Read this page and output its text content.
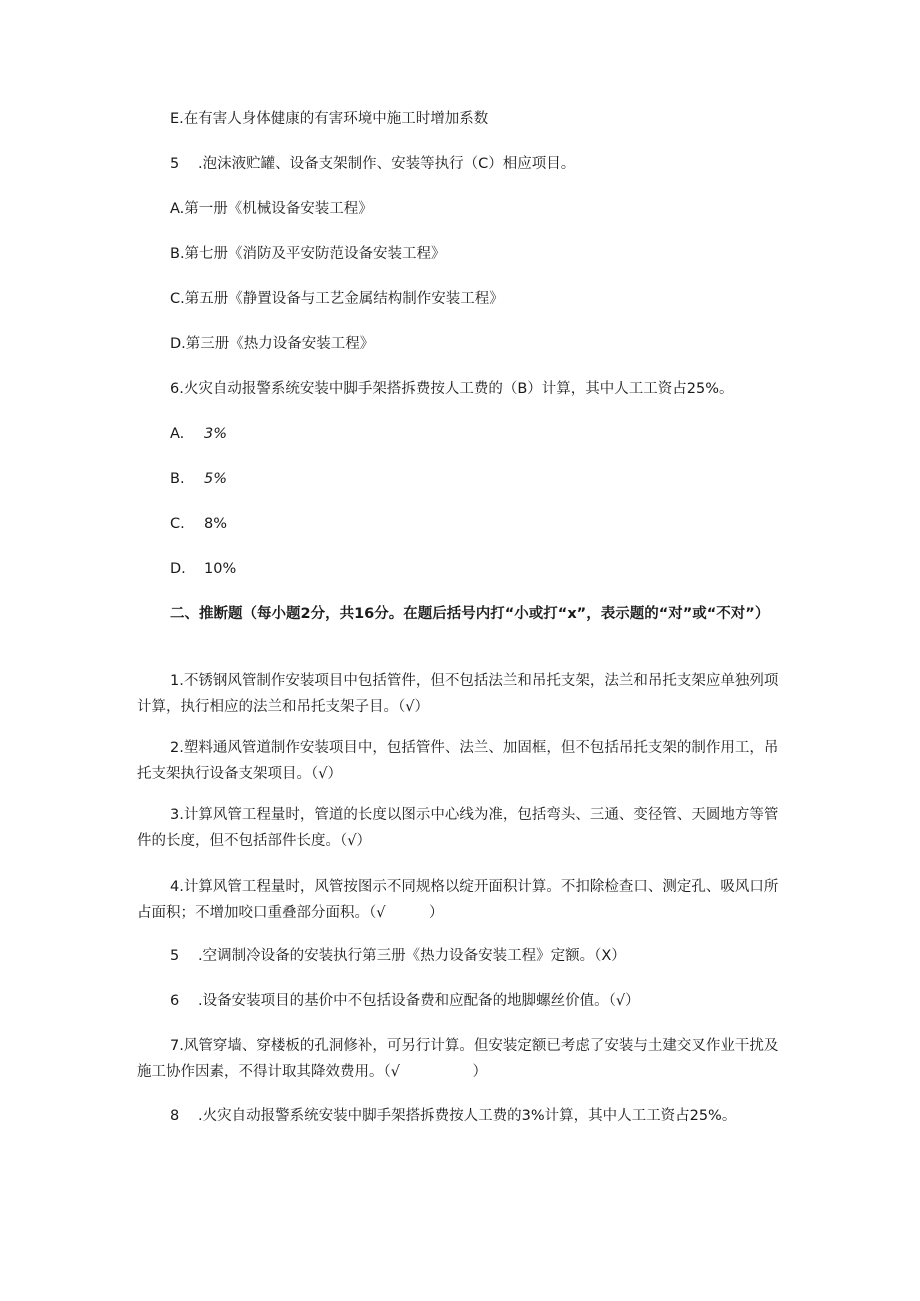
E.在有害人身体健康的有害环境中施工时增加系数

5 .泡沫液贮罐、设备支架制作、安装等执行（C）相应项目。

A.第一册《机械设备安装工程》

B.第七册《消防及平安防范设备安装工程》

C.第五册《静置设备与工艺金属结构制作安装工程》

D.第三册《热力设备安装工程》

6.火灾自动报警系统安装中脚手架搭拆费按人工费的（B）计算，其中人工工资占25%。

A. 3%

B. 5%

C. 8%

D. 10%

二、推断题（每小题2分，共16分。在题后括号内打“小或打“x”，表示题的“对”或“不对”）

1.不锈钢风管制作安装项目中包括管件，但不包括法兰和吊托支架，法兰和吊托支架应单独列项计算，执行相应的法兰和吊托支架子目。（√）

2.塑料通风管道制作安装项目中，包括管件、法兰、加固框，但不包括吊托支架的制作用工，吊托支架执行设备支架项目。（√）

3.计算风管工程量时，管道的长度以图示中心线为准，包括弯头、三通、变径管、天圆地方等管件的长度，但不包括部件长度。（√）

4.计算风管工程量时，风管按图示不同规格以绽开面积计算。不扣除检查口、测定孔、吸风口所占面积；不增加咬口重叠部分面积。（√　　　）

5 .空调制冷设备的安装执行第三册《热力设备安装工程》定额。（X）

6 .设备安装项目的基价中不包括设备费和应配备的地脚螺丝价值。（√）

7.风管穿墙、穿楼板的孔洞修补，可另行计算。但安装定额已考虑了安装与土建交叉作业干扰及施工协作因素，不得计取其降效费用。（√　　　　　）

8 .火灾自动报警系统安装中脚手架搭拆费按人工费的3%计算，其中人工工资占25%。
